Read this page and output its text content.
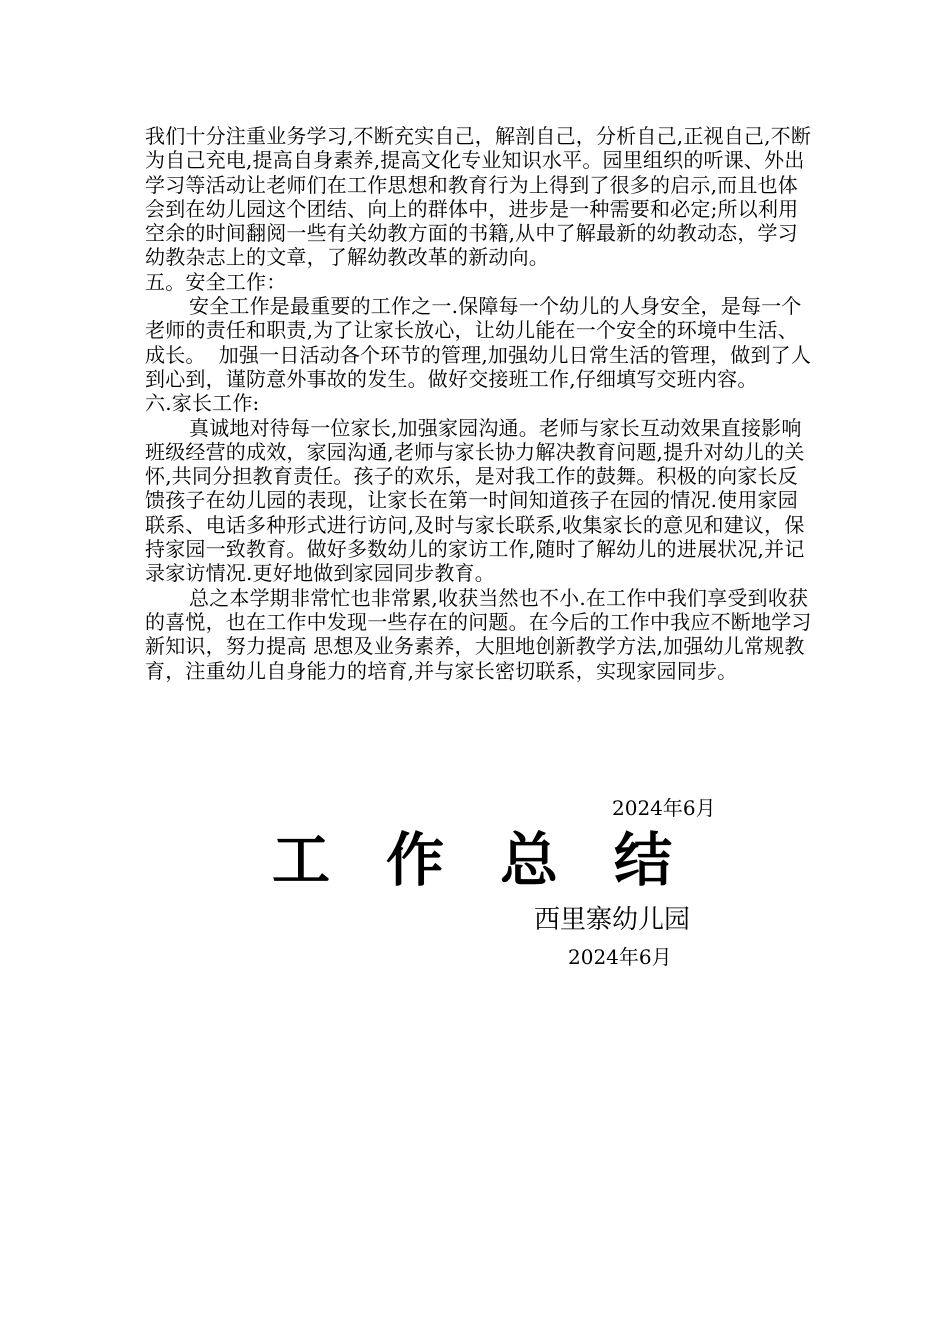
我们十分注重业务学习,不断充实自己，解剖自己，分析自己,正视自己,不断为自己充电,提高自身素养,提高文化专业知识水平。园里组织的听课、外出学习等活动让老师们在工作思想和教育行为上得到了很多的启示,而且也体会到在幼儿园这个团结、向上的群体中，进步是一种需要和必定;所以利用空余的时间翻阅一些有关幼教方面的书籍,从中了解最新的幼教动态，学习幼教杂志上的文章，了解幼教改革的新动向。

五。安全工作：

安全工作是最重要的工作之一.保障每一个幼儿的人身安全，是每一个老师的责任和职责,为了让家长放心，让幼儿能在一个安全的环境中生活、成长。  加强一日活动各个环节的管理,加强幼儿日常生活的管理，做到了人到心到，谨防意外事故的发生。做好交接班工作,仔细填写交班内容。

六.家长工作:

真诚地对待每一位家长,加强家园沟通。老师与家长互动效果直接影响班级经营的成效，家园沟通,老师与家长协力解决教育问题,提升对幼儿的关怀,共同分担教育责任。孩子的欢乐，是对我工作的鼓舞。积极的向家长反馈孩子在幼儿园的表现，让家长在第一时间知道孩子在园的情况.使用家园联系、电话多种形式进行访问,及时与家长联系,收集家长的意见和建议，保持家园一致教育。做好多数幼儿的家访工作,随时了解幼儿的进展状况,并记录家访情况.更好地做到家园同步教育。

总之本学期非常忙也非常累,收获当然也不小.在工作中我们享受到收获的喜悦，也在工作中发现一些存在的问题。在今后的工作中我应不断地学习新知识，努力提高 思想及业务素养，大胆地创新教学方法,加强幼儿常规教育，注重幼儿自身能力的培育,并与家长密切联系，实现家园同步。

2024年6月
工作总结
西里寨幼儿园
2024年6月
